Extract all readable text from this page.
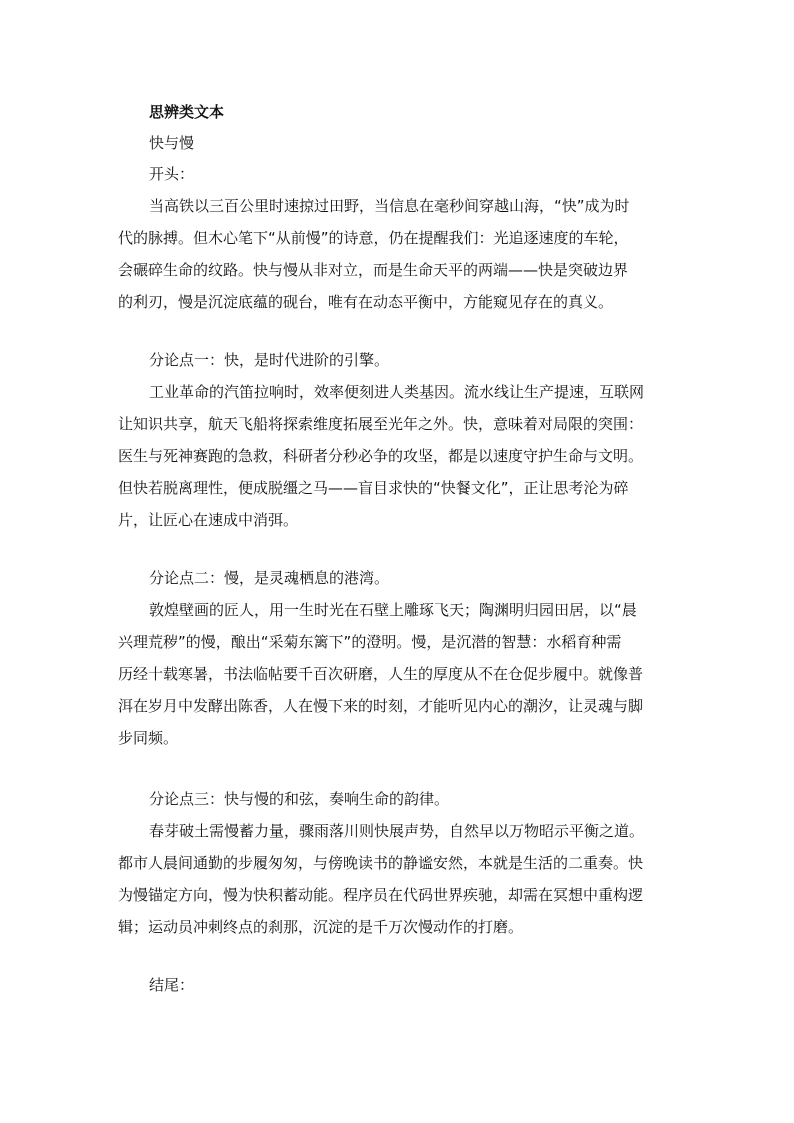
思辨类文本
快与慢
开头：
当高铁以三百公里时速掠过田野，当信息在毫秒间穿越山海，“快”成为时
代的脉搏。但木心笔下“从前慢”的诗意，仍在提醒我们：光追逐速度的车轮，
会碾碎生命的纹路。快与慢从非对立，而是生命天平的两端——快是突破边界
的利刃，慢是沉淀底蕴的砚台，唯有在动态平衡中，方能窥见存在的真义。
分论点一：快，是时代进阶的引擎。
工业革命的汽笛拉响时，效率便刻进人类基因。流水线让生产提速，互联网
让知识共享，航天飞船将探索维度拓展至光年之外。快，意味着对局限的突围：
医生与死神赛跑的急救，科研者分秒必争的攻坚，都是以速度守护生命与文明。
但快若脱离理性，便成脱缰之马——盲目求快的“快餐文化”，正让思考沦为碎
片，让匠心在速成中消弭。
分论点二：慢，是灵魂栖息的港湾。
敦煌壁画的匠人，用一生时光在石壁上雕琢飞天；陶渊明归园田居，以“晨
兴理荒秽”的慢，酿出“采菊东篱下”的澄明。慢，是沉潜的智慧：水稻育种需
历经十载寒暑，书法临帖要千百次研磨，人生的厚度从不在仓促步履中。就像普
洱在岁月中发酵出陈香，人在慢下来的时刻，才能听见内心的潮汐，让灵魂与脚
步同频。
分论点三：快与慢的和弦，奏响生命的韵律。
春芽破土需慢蓄力量，骤雨落川则快展声势，自然早以万物昭示平衡之道。
都市人晨间通勤的步履匆匆，与傍晚读书的静谧安然，本就是生活的二重奏。快
为慢锚定方向，慢为快积蓄动能。程序员在代码世界疾驰，却需在冥想中重构逻
辑；运动员冲刺终点的刹那，沉淀的是千万次慢动作的打磨。
结尾：
